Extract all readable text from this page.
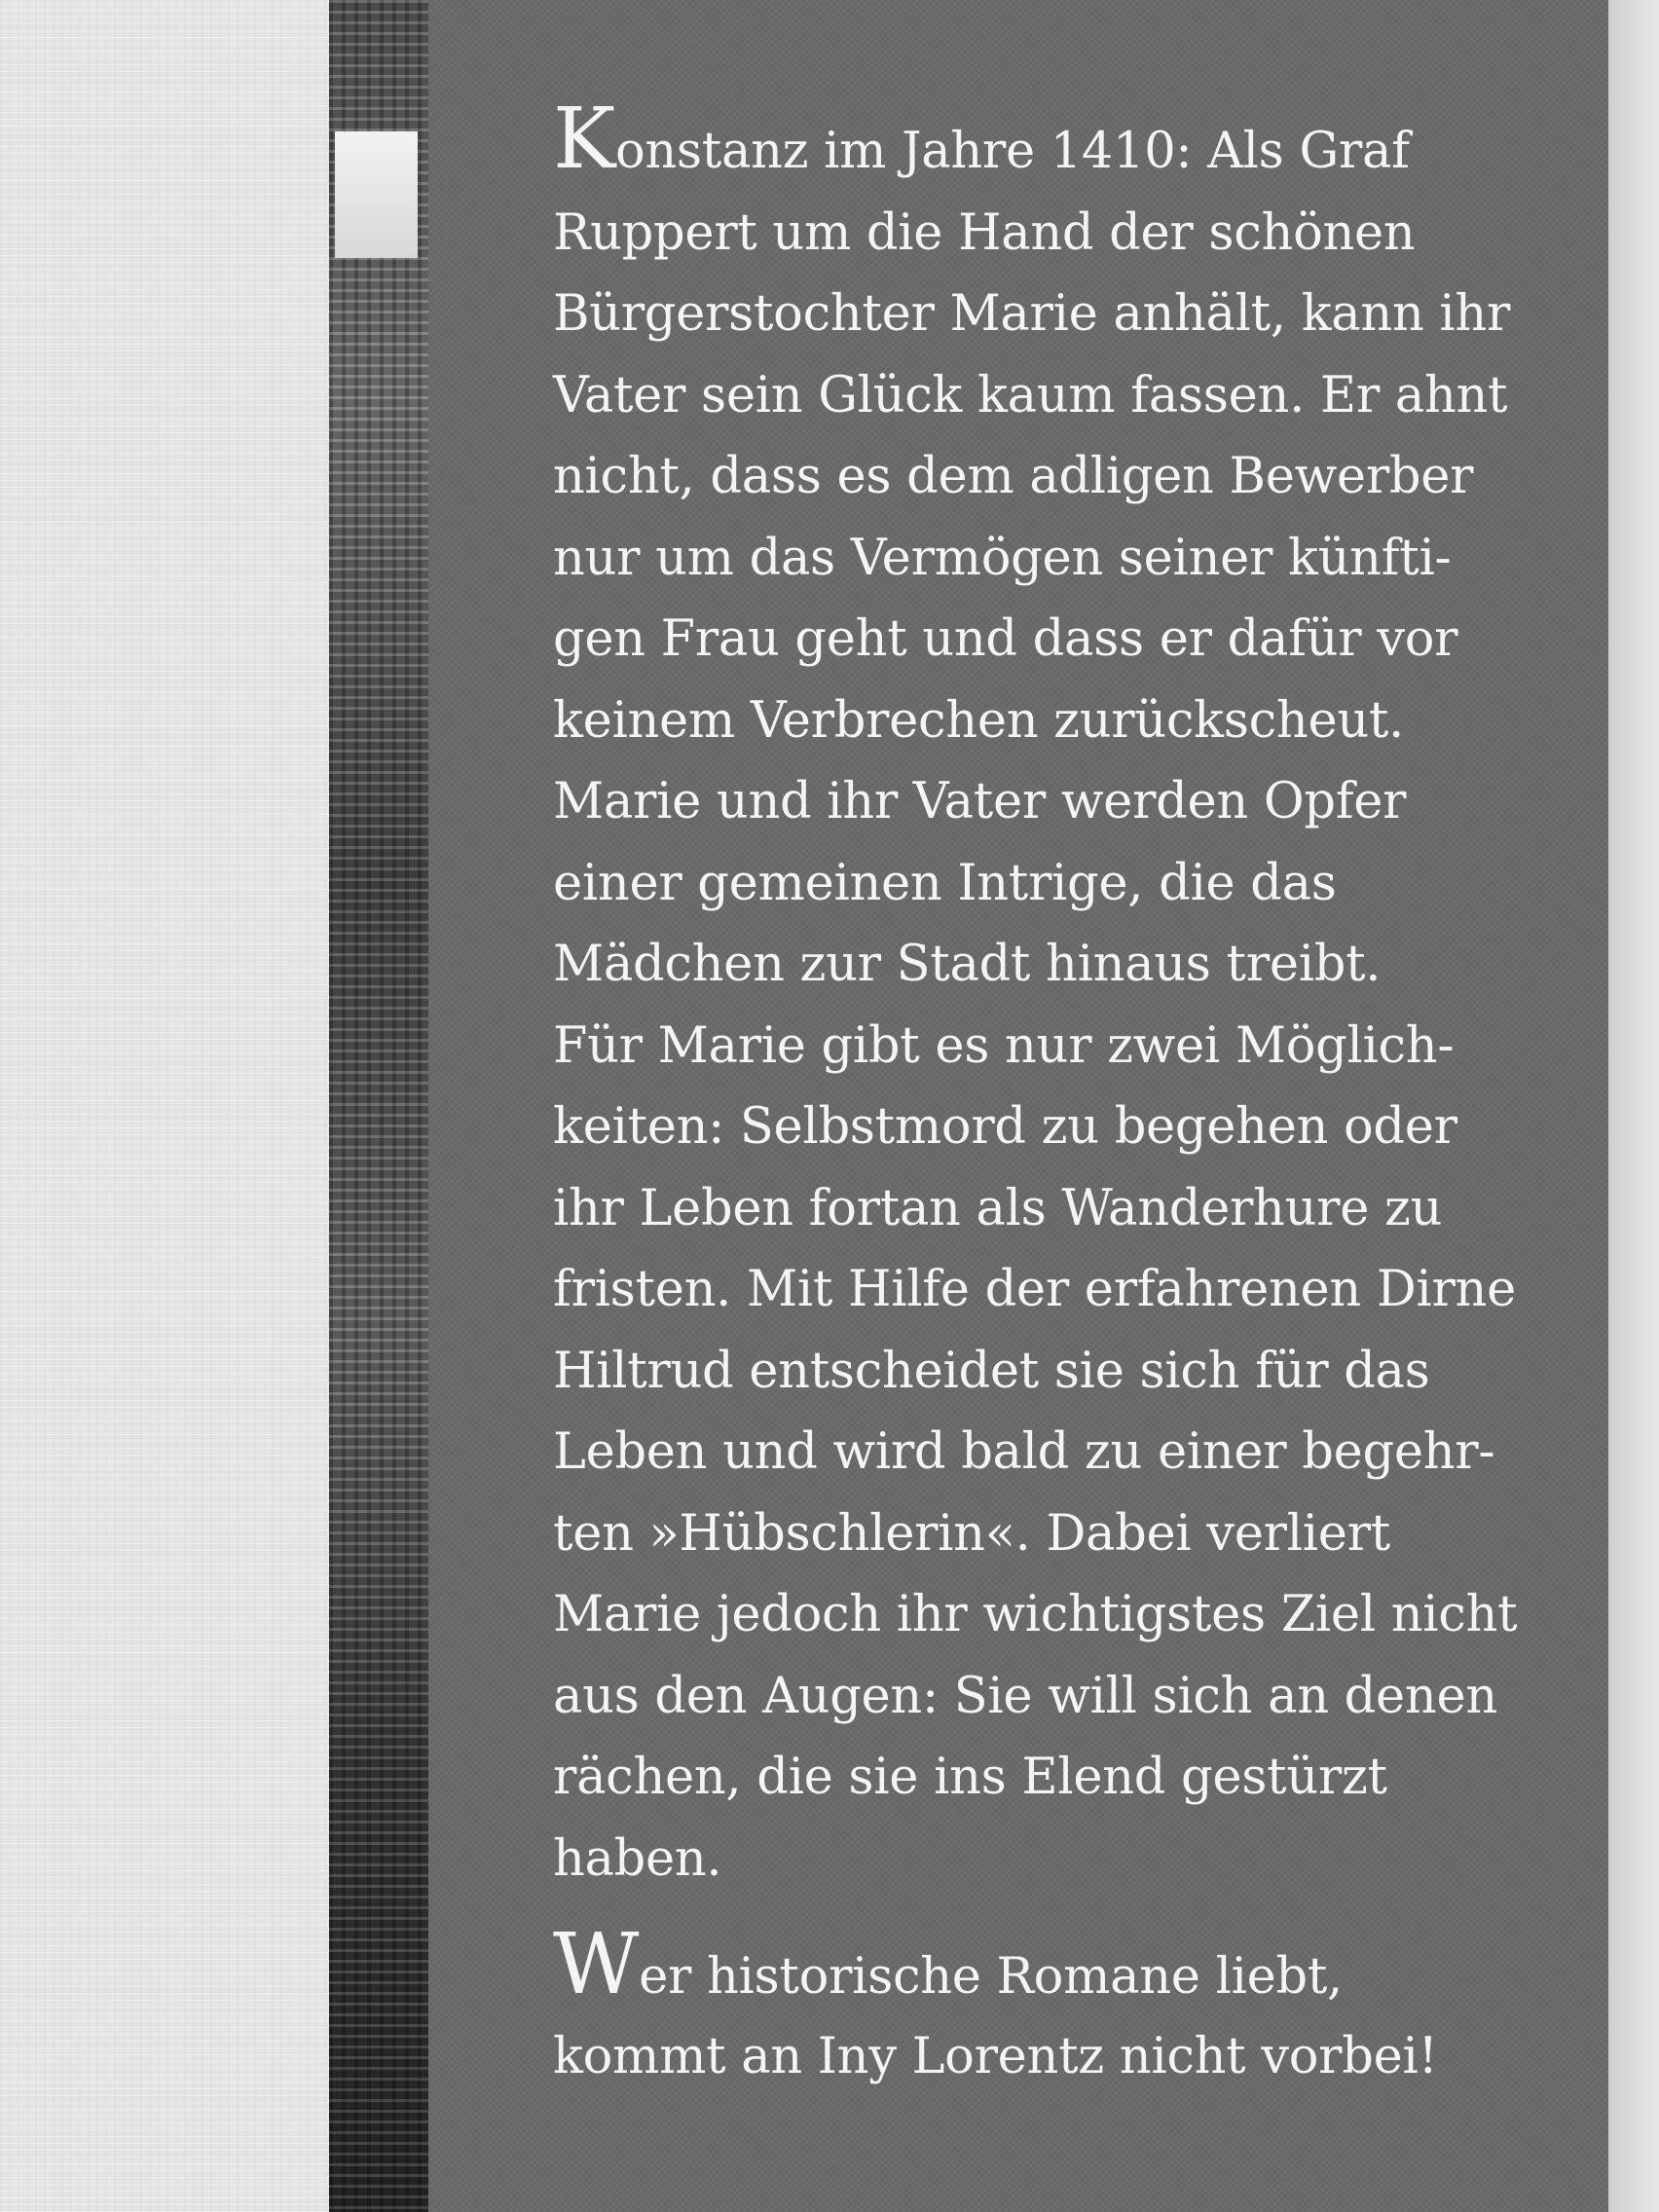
Konstanz im Jahre 1410: Als Graf
Ruppert um die Hand der schönen
Bürgerstochter Marie anhält, kann ihr
Vater sein Glück kaum fassen. Er ahnt
nicht, dass es dem adligen Bewerber
nur um das Vermögen seiner künfti-
gen Frau geht und dass er dafür vor
keinem Verbrechen zurückscheut.
Marie und ihr Vater werden Opfer
einer gemeinen Intrige, die das
Mädchen zur Stadt hinaus treibt.
Für Marie gibt es nur zwei Möglich-
keiten: Selbstmord zu begehen oder
ihr Leben fortan als Wanderhure zu
fristen. Mit Hilfe der erfahrenen Dirne
Hiltrud entscheidet sie sich für das
Leben und wird bald zu einer begehr-
ten »Hübschlerin«. Dabei verliert
Marie jedoch ihr wichtigstes Ziel nicht
aus den Augen: Sie will sich an denen
rächen, die sie ins Elend gestürzt
haben.
Wer historische Romane liebt,
kommt an Iny Lorentz nicht vorbei!
